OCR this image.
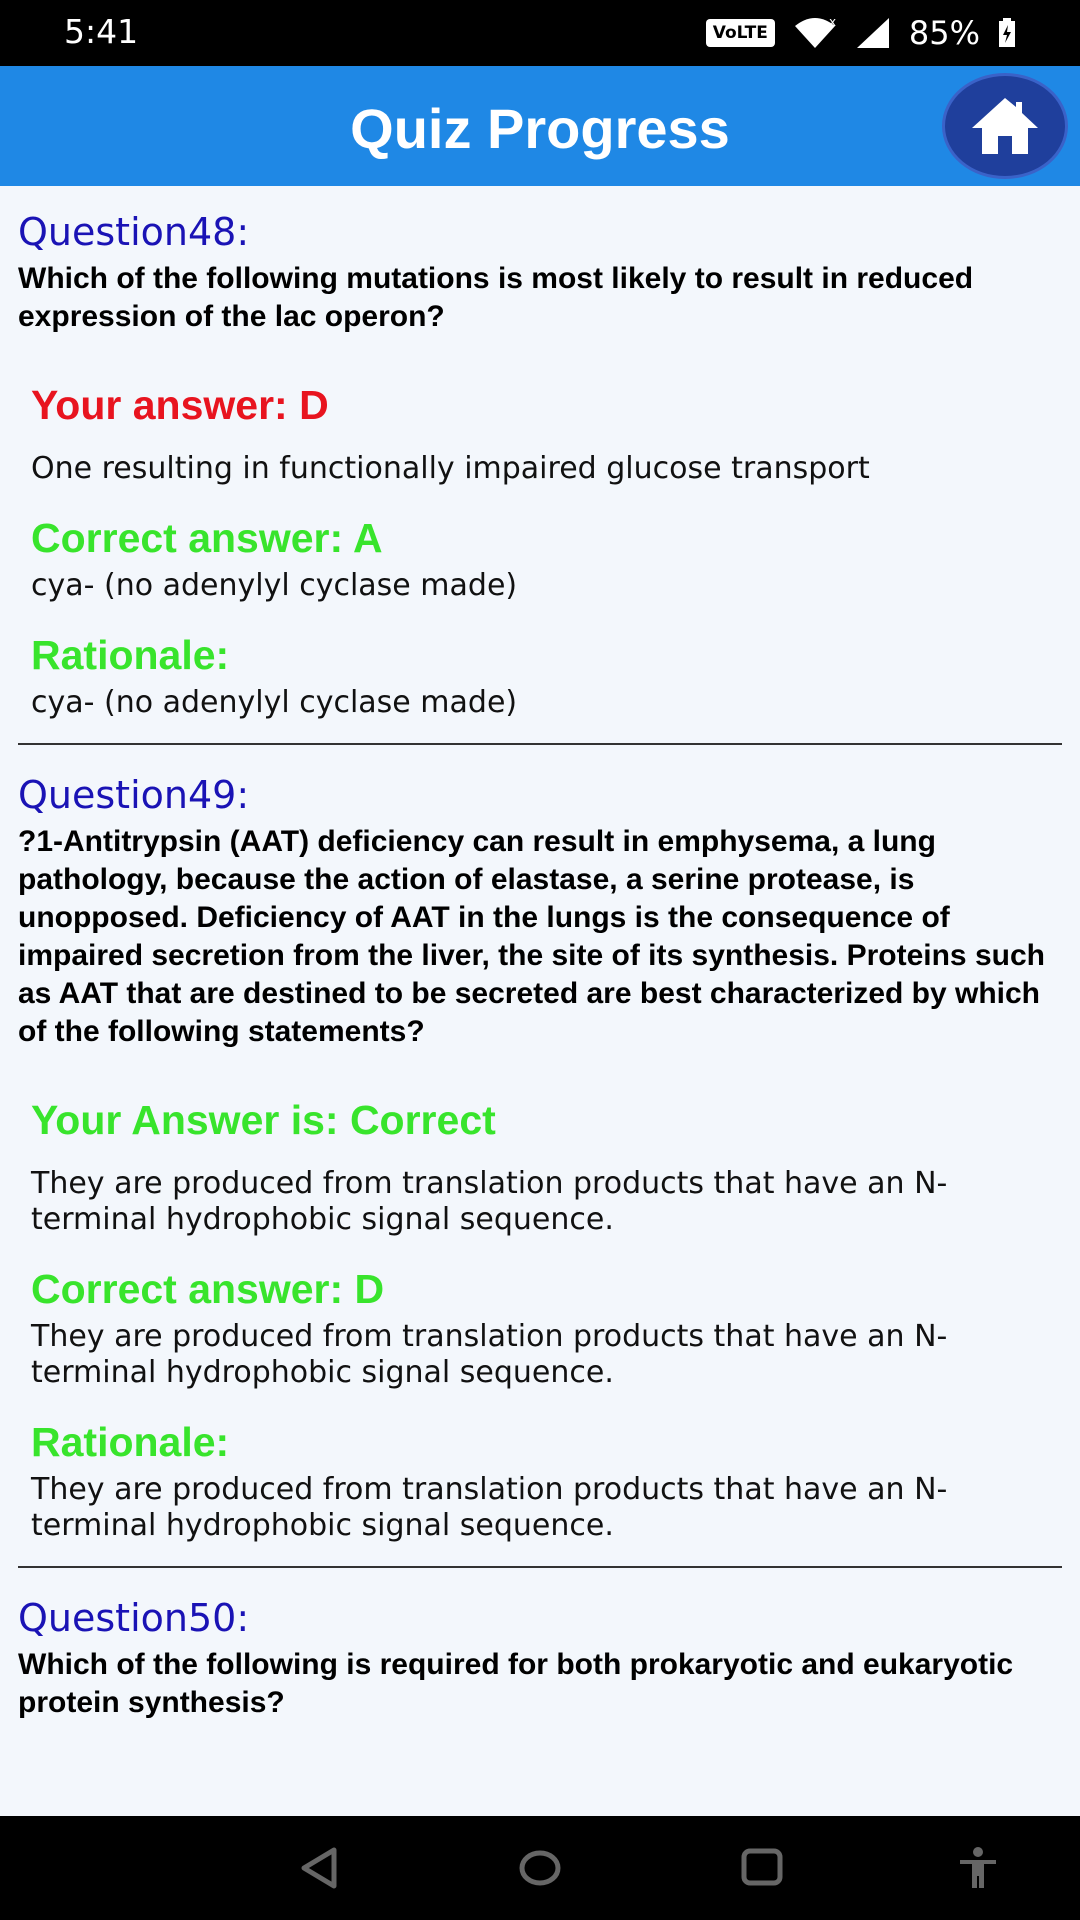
5:41	VoLTE
x 85%
Quiz Progress
Question48:
Which of the following mutations is most likely to result in reduced expression of the lac operon?
Your answer: D
One resulting in functionally impaired glucose transport
Correct answer: A
cya- (no adenylyl cyclase made)
Rationale:
cya- (no adenylyl cyclase made)
Question49:
?1-Antitrypsin (AAT) deficiency can result in emphysema, a lung pathology, because the action of elastase, a serine protease, is unopposed. Deficiency of AAT in the lungs is the consequence of impaired secretion from the liver, the site of its synthesis. Proteins such as AAT that are destined to be secreted are best characterized by which of the following statements?
Your Answer is: Correct
They are produced from translation products that have an N-terminal hydrophobic signal sequence.
Correct answer: D
They are produced from translation products that have an N-terminal hydrophobic signal sequence.
Rationale:
They are produced from translation products that have an N-terminal hydrophobic signal sequence.
Question50:
Which of the following is required for both prokaryotic and eukaryotic protein synthesis?
